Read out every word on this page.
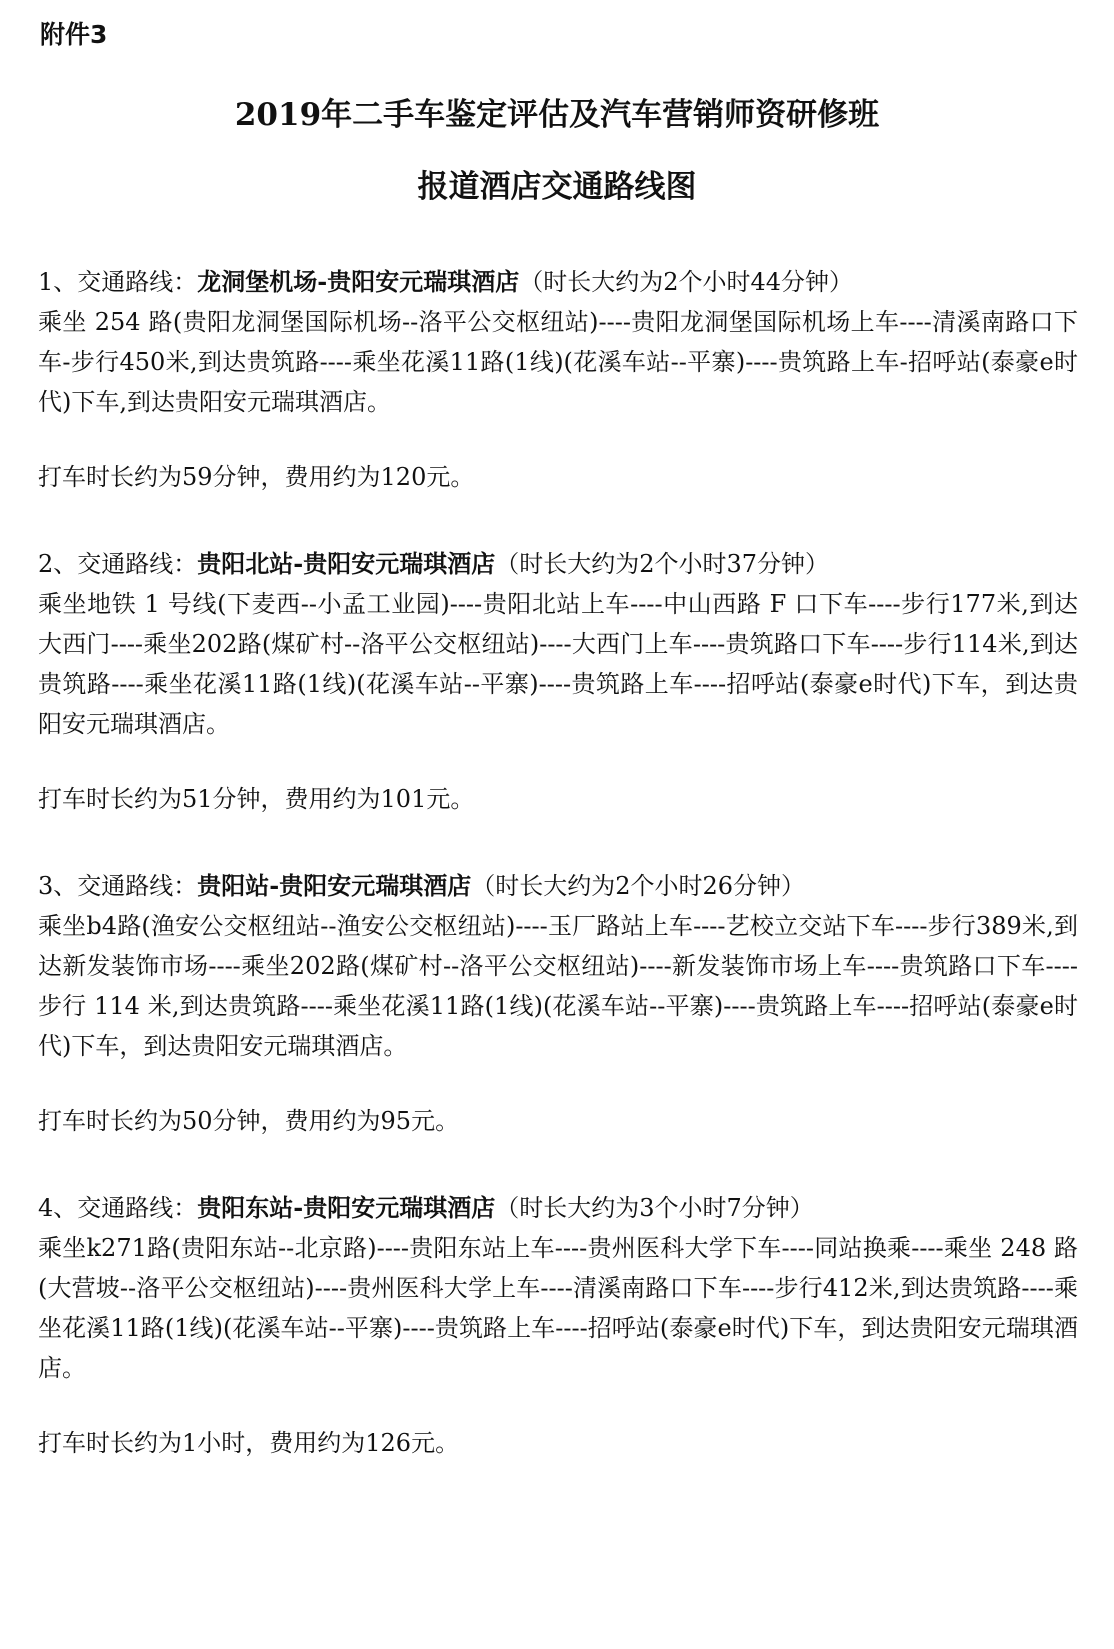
附件3
2019年二手车鉴定评估及汽车营销师资研修班
报道酒店交通路线图
1、交通路线：龙洞堡机场-贵阳安元瑞琪酒店（时长大约为2个小时44分钟）
乘坐 254 路(贵阳龙洞堡国际机场--洛平公交枢纽站)----贵阳龙洞堡国际机场上车----清溪南路口下车-步行450米,到达贵筑路----乘坐花溪11路(1线)(花溪车站--平寨)----贵筑路上车-招呼站(泰豪e时代)下车,到达贵阳安元瑞琪酒店。
打车时长约为59分钟，费用约为120元。
2、交通路线：贵阳北站-贵阳安元瑞琪酒店（时长大约为2个小时37分钟）
乘坐地铁 1 号线(下麦西--小孟工业园)----贵阳北站上车----中山西路 F 口下车----步行177米,到达大西门----乘坐202路(煤矿村--洛平公交枢纽站)----大西门上车----贵筑路口下车----步行114米,到达贵筑路----乘坐花溪11路(1线)(花溪车站--平寨)----贵筑路上车----招呼站(泰豪e时代)下车，到达贵阳安元瑞琪酒店。
打车时长约为51分钟，费用约为101元。
3、交通路线：贵阳站-贵阳安元瑞琪酒店（时长大约为2个小时26分钟）
乘坐b4路(渔安公交枢纽站--渔安公交枢纽站)----玉厂路站上车----艺校立交站下车----步行389米,到达新发装饰市场----乘坐202路(煤矿村--洛平公交枢纽站)----新发装饰市场上车----贵筑路口下车----步行 114 米,到达贵筑路----乘坐花溪11路(1线)(花溪车站--平寨)----贵筑路上车----招呼站(泰豪e时代)下车，到达贵阳安元瑞琪酒店。
打车时长约为50分钟，费用约为95元。
4、交通路线：贵阳东站-贵阳安元瑞琪酒店（时长大约为3个小时7分钟）
乘坐k271路(贵阳东站--北京路)----贵阳东站上车----贵州医科大学下车----同站换乘----乘坐 248 路(大营坡--洛平公交枢纽站)----贵州医科大学上车----清溪南路口下车----步行412米,到达贵筑路----乘坐花溪11路(1线)(花溪车站--平寨)----贵筑路上车----招呼站(泰豪e时代)下车，到达贵阳安元瑞琪酒店。
打车时长约为1小时，费用约为126元。
